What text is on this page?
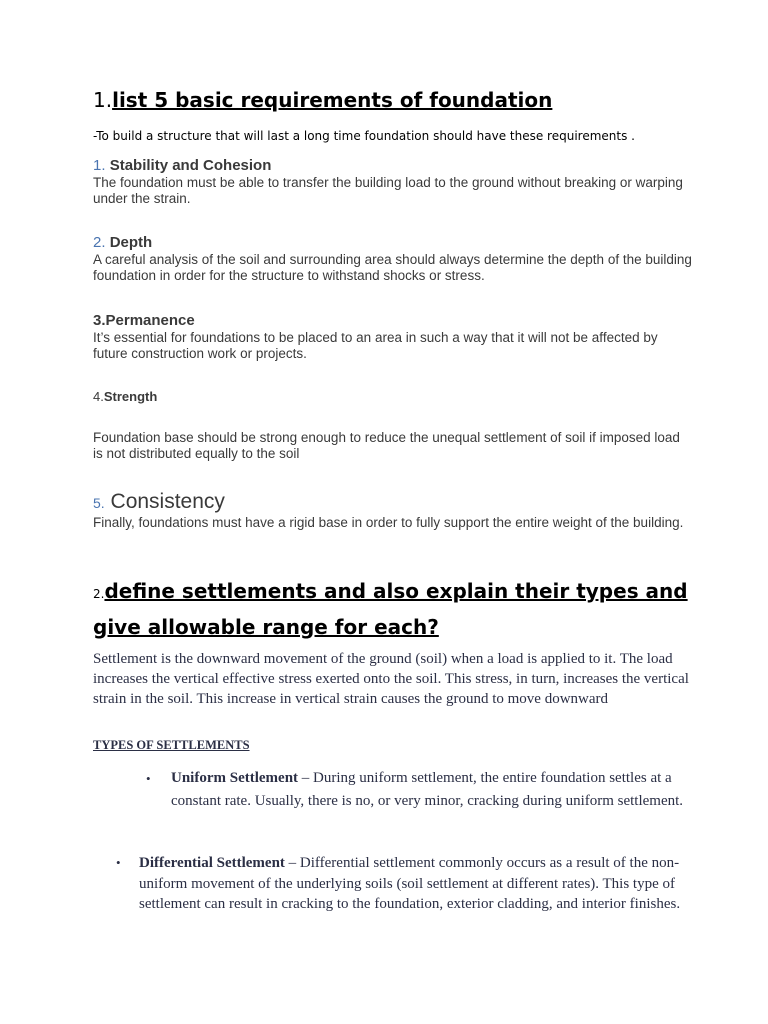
1.list 5 basic requirements of foundation
-To build a structure that will last a long time foundation should have these requirements .
1. Stability and Cohesion
The foundation must be able to transfer the building load to the ground without breaking or warping under the strain.
2. Depth
A careful analysis of the soil and surrounding area should always determine the depth of the building foundation in order for the structure to withstand shocks or stress.
3.Permanence
It’s essential for foundations to be placed to an area in such a way that it will not be affected by future construction work or projects.
4.Strength
Foundation base should be strong enough to reduce the unequal settlement of soil if imposed load is not distributed equally to the soil
5. Consistency
Finally, foundations must have a rigid base in order to fully support the entire weight of the building.
2.define settlements and also explain their types and give allowable range for each?
Settlement is the downward movement of the ground (soil) when a load is applied to it. The load increases the vertical effective stress exerted onto the soil. This stress, in turn, increases the vertical strain in the soil. This increase in vertical strain causes the ground to move downward
TYPES OF SETTLEMENTS
• Uniform Settlement – During uniform settlement, the entire foundation settles at a constant rate. Usually, there is no, or very minor, cracking during uniform settlement.
• Differential Settlement – Differential settlement commonly occurs as a result of the non-uniform movement of the underlying soils (soil settlement at different rates). This type of settlement can result in cracking to the foundation, exterior cladding, and interior finishes.
